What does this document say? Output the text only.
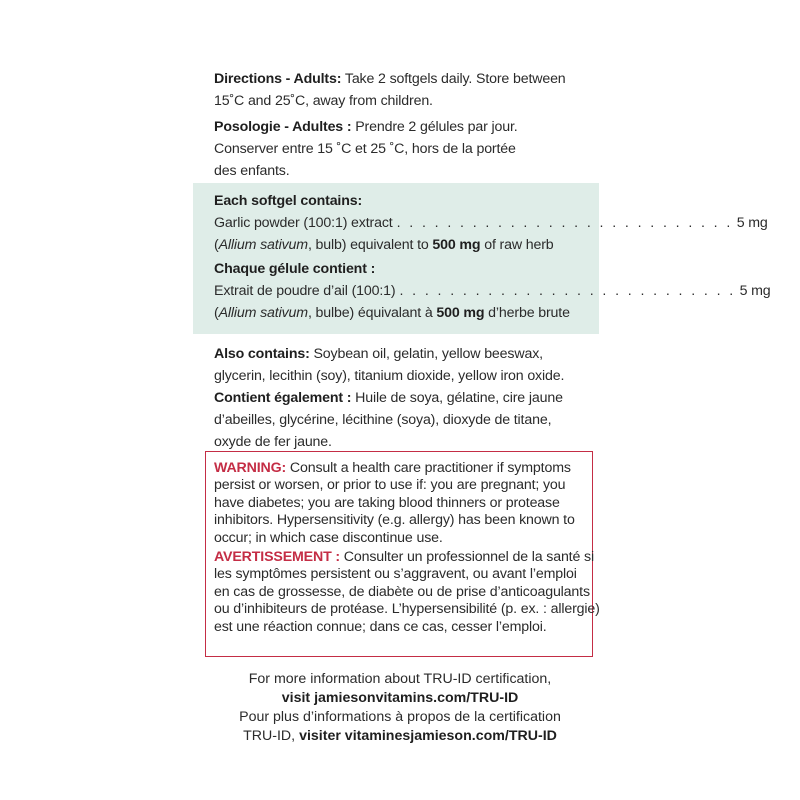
Directions - Adults: Take 2 softgels daily. Store between
15˚C and 25˚C, away from children.
Posologie - Adultes : Prendre 2 gélules par jour.
Conserver entre 15 ˚C et 25 ˚C, hors de la portée
des enfants.
Each softgel contains:
Garlic powder (100:1) extract . . . . . . . . . . . . . . . . . . . . . . . . . . . 5 mg
(Allium sativum, bulb) equivalent to 500 mg of raw herb
Chaque gélule contient :
Extrait de poudre d’ail (100:1) . . . . . . . . . . . . . . . . . . . . . . . . . . . 5 mg
(Allium sativum, bulbe) équivalant à 500 mg d’herbe brute
Also contains: Soybean oil, gelatin, yellow beeswax,
glycerin, lecithin (soy), titanium dioxide, yellow iron oxide.
Contient également : Huile de soya, gélatine, cire jaune
d’abeilles, glycérine, lécithine (soya), dioxyde de titane,
oxyde de fer jaune.
WARNING: Consult a health care practitioner if symptoms
persist or worsen, or prior to use if: you are pregnant; you
have diabetes; you are taking blood thinners or protease
inhibitors. Hypersensitivity (e.g. allergy) has been known to
occur; in which case discontinue use.
AVERTISSEMENT : Consulter un professionnel de la santé si
les symptômes persistent ou s’aggravent, ou avant l’emploi
en cas de grossesse, de diabète ou de prise d’anticoagulants
ou d’inhibiteurs de protéase. L’hypersensibilité (p. ex. : allergie)
est une réaction connue; dans ce cas, cesser l’emploi.
For more information about TRU-ID certification,
visit jamiesonvitamins.com/TRU-ID
Pour plus d’informations à propos de la certification
TRU-ID, visiter vitaminesjamieson.com/TRU-ID
